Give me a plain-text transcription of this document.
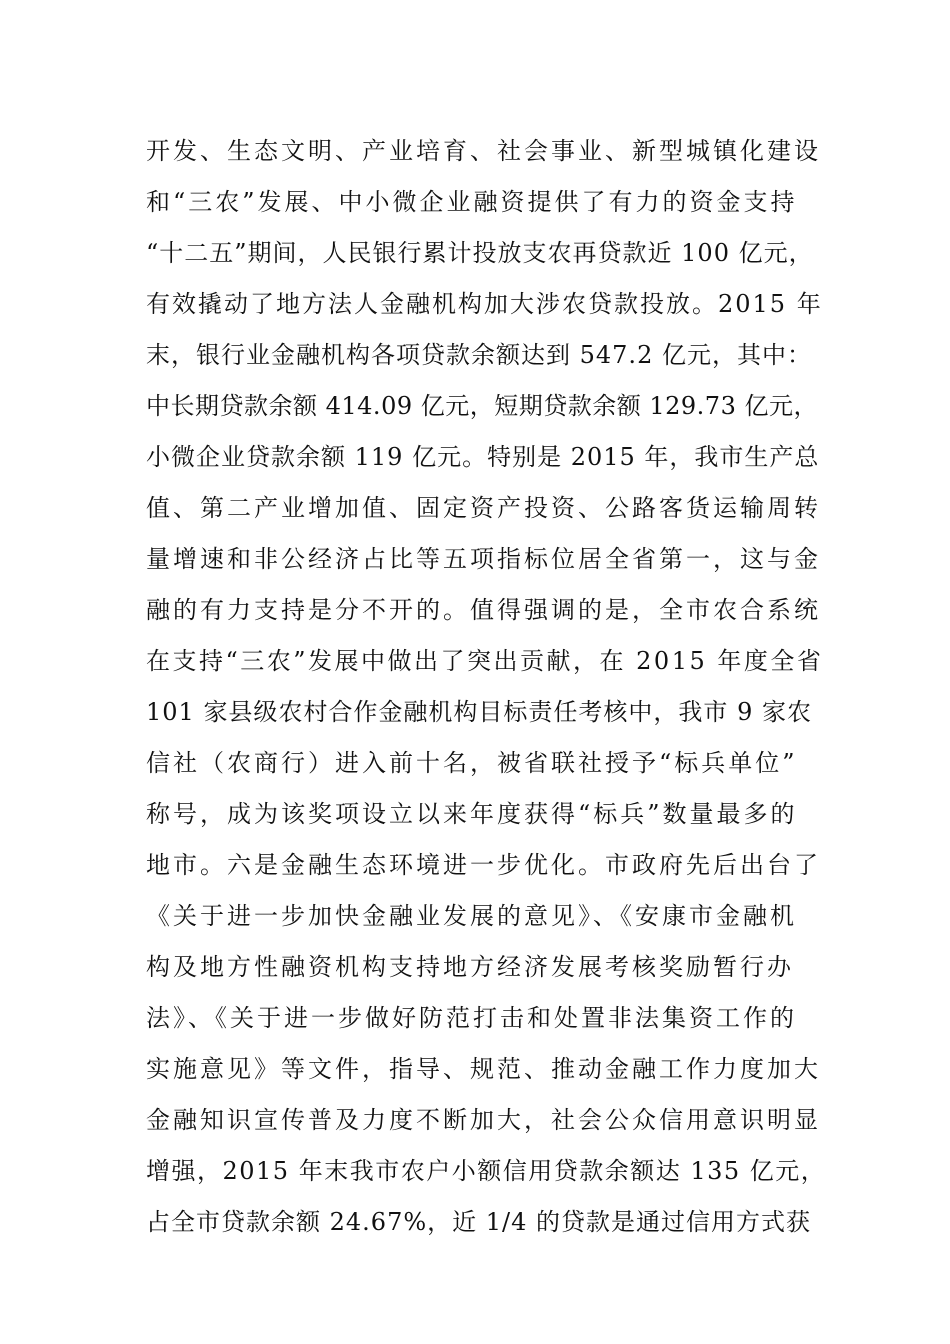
开发、生态文明、产业培育、社会事业、新型城镇化建设
和“三农”发展、中小微企业融资提供了有力的资金支持
“十二五”期间，人民银行累计投放支农再贷款近 100 亿元，
有效撬动了地方法人金融机构加大涉农贷款投放。2015 年
末，银行业金融机构各项贷款余额达到 547.2 亿元，其中：
中长期贷款余额 414.09 亿元，短期贷款余额 129.73 亿元，
小微企业贷款余额 119 亿元。特别是 2015 年，我市生产总
值、第二产业增加值、固定资产投资、公路客货运输周转
量增速和非公经济占比等五项指标位居全省第一，这与金
融的有力支持是分不开的。值得强调的是，全市农合系统
在支持“三农”发展中做出了突出贡献，在 2015 年度全省
101 家县级农村合作金融机构目标责任考核中，我市 9 家农
信社（农商行）进入前十名，被省联社授予“标兵单位”
称号，成为该奖项设立以来年度获得“标兵”数量最多的
地市。六是金融生态环境进一步优化。市政府先后出台了
《关于进一步加快金融业发展的意见》、《安康市金融机
构及地方性融资机构支持地方经济发展考核奖励暂行办
法》、《关于进一步做好防范打击和处置非法集资工作的
实施意见》等文件，指导、规范、推动金融工作力度加大
金融知识宣传普及力度不断加大，社会公众信用意识明显
增强，2015 年末我市农户小额信用贷款余额达 135 亿元，
占全市贷款余额 24.67%，近 1/4 的贷款是通过信用方式获
